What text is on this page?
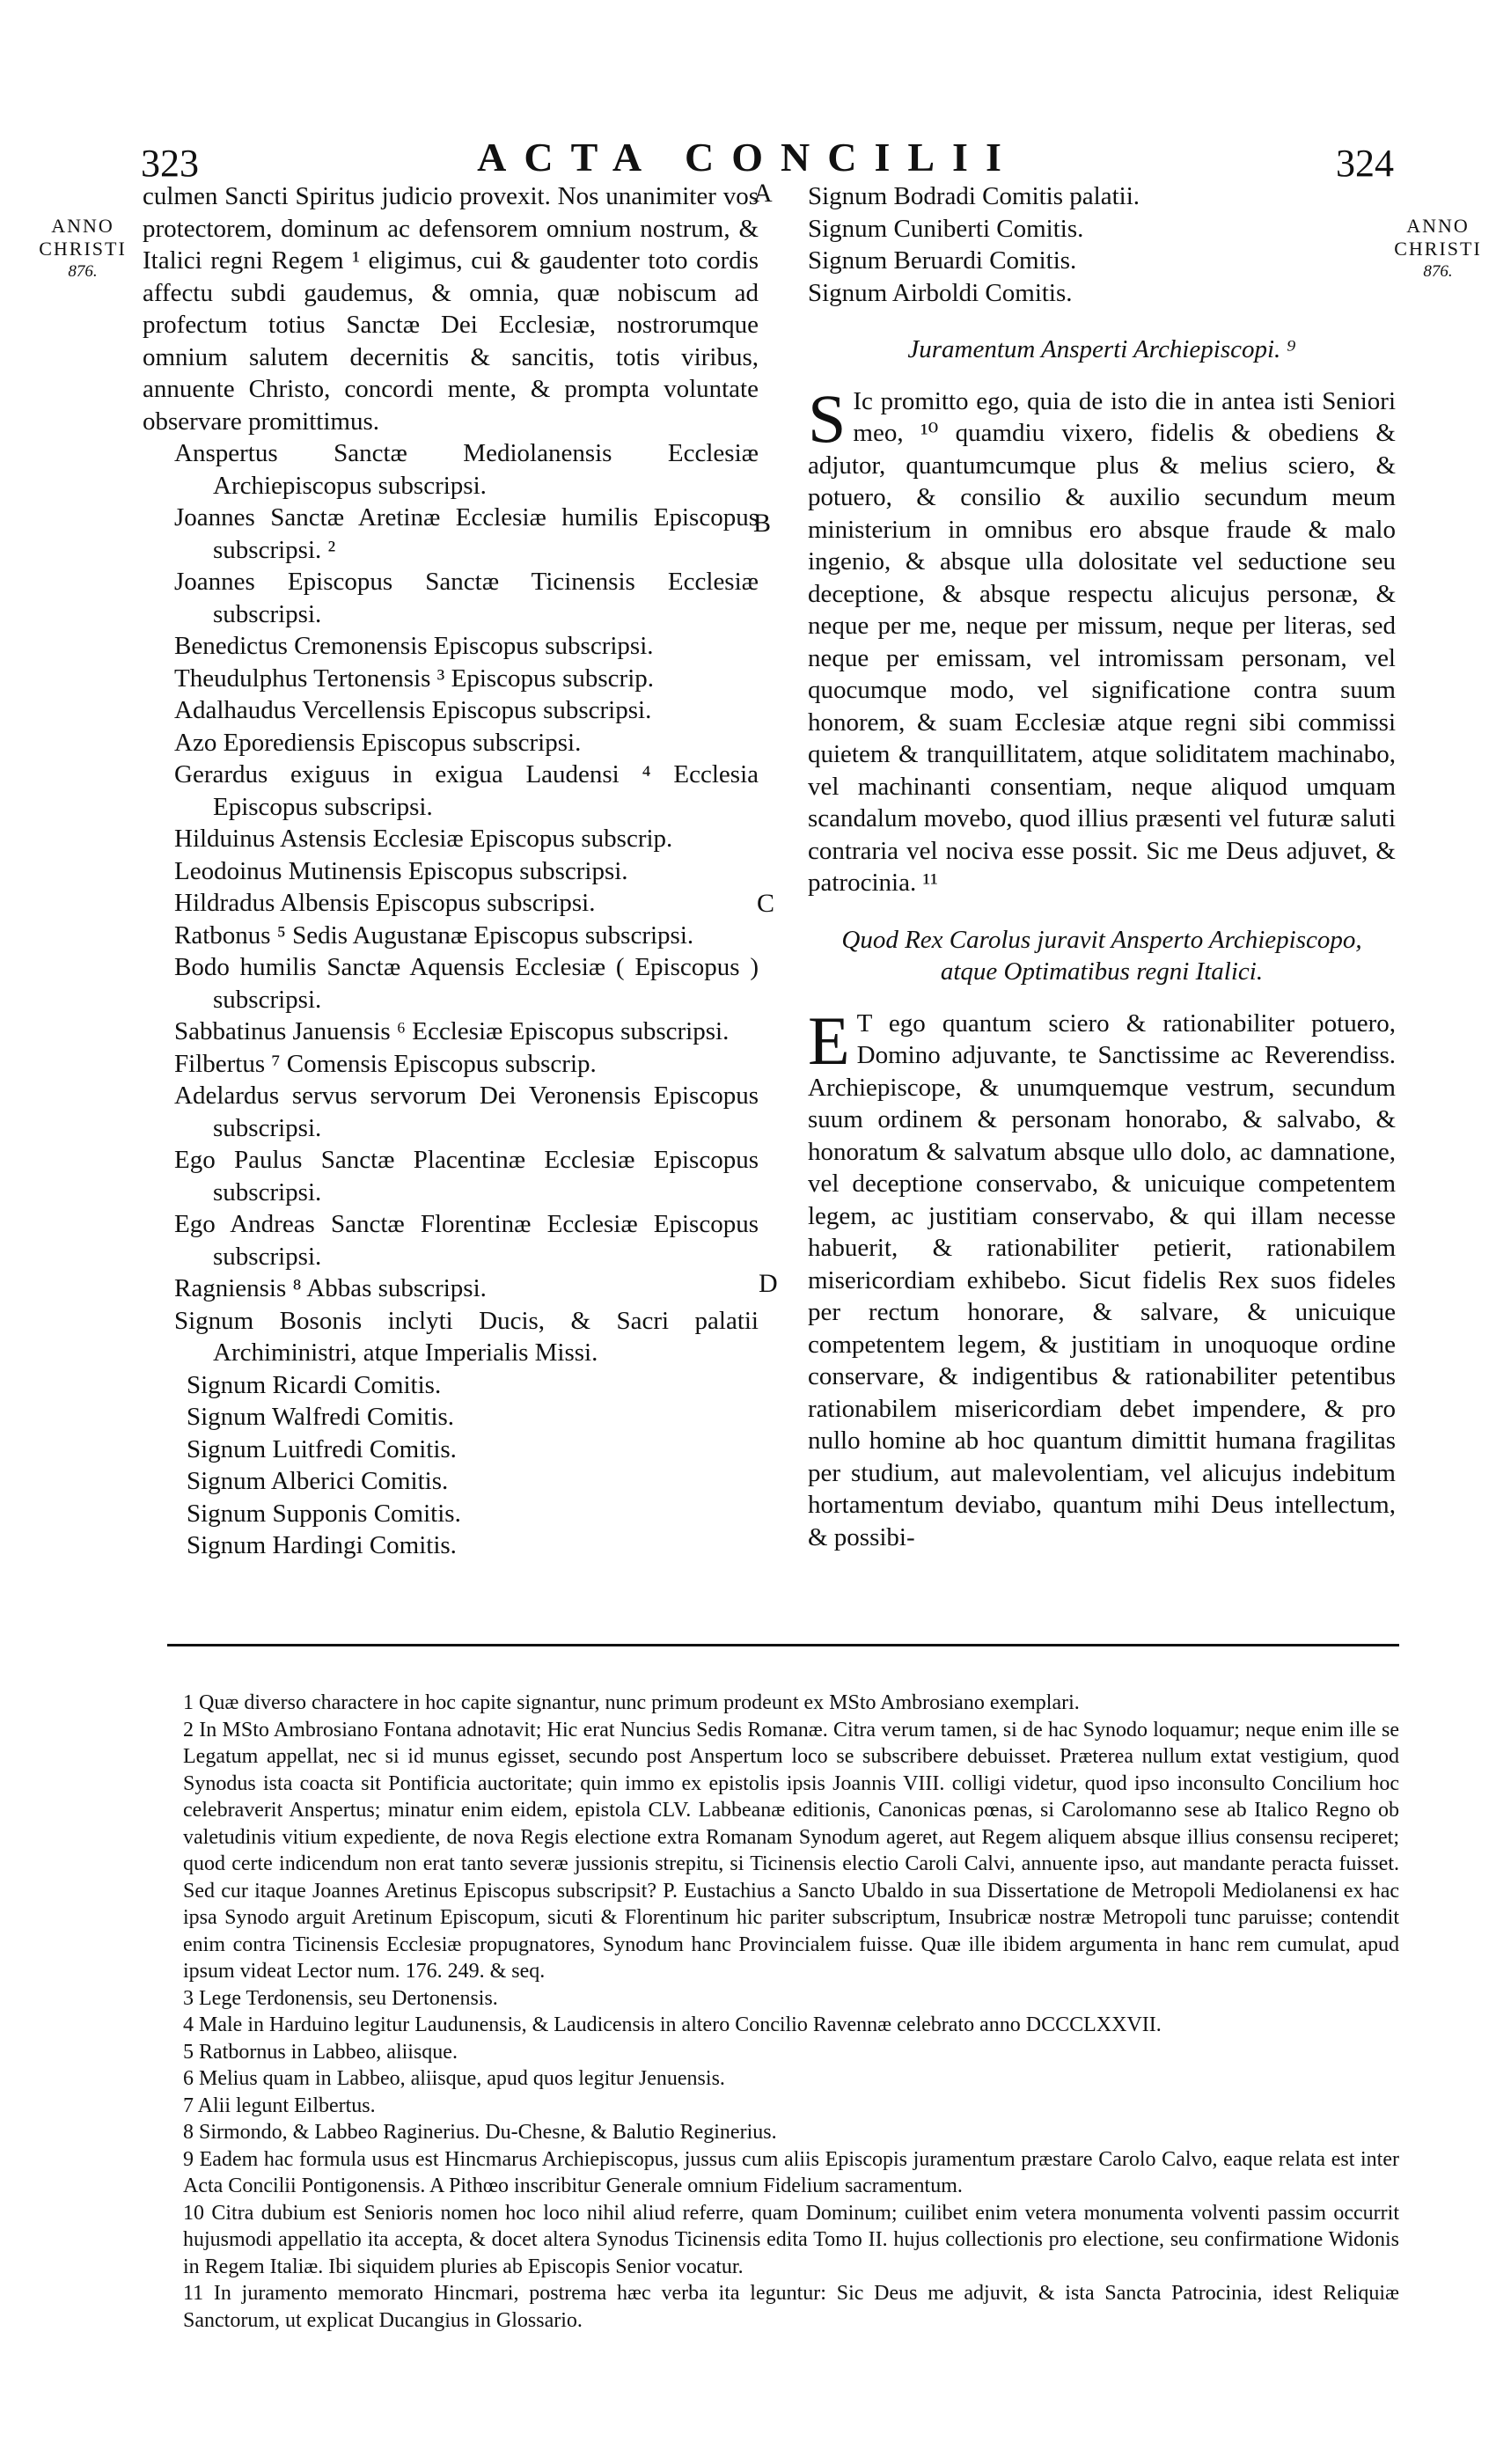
323	ACTA CONCILII	324
ANNO
CHRISTI
876.
ANNO
CHRISTI
876.
A
B
C
D

culmen Sancti Spiritus judicio provexit. Nos unanimiter vos protectorem, dominum ac defensorem omnium nostrum, & Italici regni Regem ¹ eligimus, cui & gaudenter toto cordis affectu subdi gaudemus, & omnia, quæ nobiscum ad profectum totius Sanctæ Dei Ecclesiæ, nostrorumque omnium salutem decernitis & sancitis, totis viribus, annuente Christo, concordi mente, & prompta voluntate observare promittimus.

Anspertus Sanctæ Mediolanensis Ecclesiæ Archiepiscopus subscripsi.

Joannes Sanctæ Aretinæ Ecclesiæ humilis Episcopus subscripsi. ²

Joannes Episcopus Sanctæ Ticinensis Ecclesiæ subscripsi.

Benedictus Cremonensis Episcopus subscripsi.

Theudulphus Tertonensis ³ Episcopus subscrip.

Adalhaudus Vercellensis Episcopus subscripsi.

Azo Eporediensis Episcopus subscripsi.

Gerardus exiguus in exigua Laudensi ⁴ Ecclesia Episcopus subscripsi.

Hilduinus Astensis Ecclesiæ Episcopus subscrip.

Leodoinus Mutinensis Episcopus subscripsi.

Hildradus Albensis Episcopus subscripsi.

Ratbonus ⁵ Sedis Augustanæ Episcopus subscripsi.

Bodo humilis Sanctæ Aquensis Ecclesiæ ( Episcopus ) subscripsi.

Sabbatinus Januensis ⁶ Ecclesiæ Episcopus subscripsi.

Filbertus ⁷ Comensis Episcopus subscrip.

Adelardus servus servorum Dei Veronensis Episcopus subscripsi.

Ego Paulus Sanctæ Placentinæ Ecclesiæ Episcopus subscripsi.

Ego Andreas Sanctæ Florentinæ Ecclesiæ Episcopus subscripsi.

Ragniensis ⁸ Abbas subscripsi.

Signum Bosonis inclyti Ducis, & Sacri palatii Archiministri, atque Imperialis Missi.

Signum Ricardi Comitis.

Signum Walfredi Comitis.

Signum Luitfredi Comitis.

Signum Alberici Comitis.

Signum Supponis Comitis.

Signum Hardingi Comitis.

Signum Bodradi Comitis palatii.

Signum Cuniberti Comitis.

Signum Beruardi Comitis.

Signum Airboldi Comitis.

Juramentum Ansperti Archiepiscopi. ⁹

S Ic promitto ego, quia de isto die in antea isti Seniori meo, ¹⁰ quamdiu vixero, fidelis & obediens & adjutor, quantumcumque plus & melius sciero, & potuero, & consilio & auxilio secundum meum ministerium in omnibus ero absque fraude & malo ingenio, & absque ulla dolositate vel seductione seu deceptione, & absque respectu alicujus personæ, & neque per me, neque per missum, neque per literas, sed neque per emissam, vel intromissam personam, vel quocumque modo, vel significatione contra suum honorem, & suam Ecclesiæ atque regni sibi commissi quietem & tranquillitatem, atque soliditatem machinabo, vel machinanti consentiam, neque aliquod umquam scandalum movebo, quod illius præsenti vel futuræ saluti contraria vel nociva esse possit. Sic me Deus adjuvet, & patrocinia. ¹¹

Quod Rex Carolus juravit Ansperto Archiepiscopo,
atque Optimatibus regni Italici.

E T ego quantum sciero & rationabiliter potuero, Domino adjuvante, te Sanctissime ac Reverendiss. Archiepiscope, & unumquemque vestrum, secundum suum ordinem & personam honorabo, & salvabo, & honoratum & salvatum absque ullo dolo, ac damnatione, vel deceptione conservabo, & unicuique competentem legem, ac justitiam conservabo, & qui illam necesse habuerit, & rationabiliter petierit, rationabilem misericordiam exhibebo. Sicut fidelis Rex suos fideles per rectum honorare, & salvare, & unicuique competentem legem, & justitiam in unoquoque ordine conservare, & indigentibus & rationabiliter petentibus rationabilem misericordiam debet impendere, & pro nullo homine ab hoc quantum dimittit humana fragilitas per studium, aut malevolentiam, vel alicujus indebitum hortamentum deviabo, quantum mihi Deus intellectum, & possibi-

1 Quæ diverso charactere in hoc capite signantur, nunc primum prodeunt ex MSto Ambrosiano exemplari.

2 In MSto Ambrosiano Fontana adnotavit; Hic erat Nuncius Sedis Romanæ. Citra verum tamen, si de hac Synodo loquamur; neque enim ille se Legatum appellat, nec si id munus egisset, secundo post Anspertum loco se subscribere debuisset. Præterea nullum extat vestigium, quod Synodus ista coacta sit Pontificia auctoritate; quin immo ex epistolis ipsis Joannis VIII. colligi videtur, quod ipso inconsulto Concilium hoc celebraverit Anspertus; minatur enim eidem, epistola CLV. Labbeanæ editionis, Canonicas pœnas, si Carolomanno sese ab Italico Regno ob valetudinis vitium expediente, de nova Regis electione extra Romanam Synodum ageret, aut Regem aliquem absque illius consensu reciperet; quod certe indicendum non erat tanto severæ jussionis strepitu, si Ticinensis electio Caroli Calvi, annuente ipso, aut mandante peracta fuisset. Sed cur itaque Joannes Aretinus Episcopus subscripsit? P. Eustachius a Sancto Ubaldo in sua Dissertatione de Metropoli Mediolanensi ex hac ipsa Synodo arguit Aretinum Episcopum, sicuti & Florentinum hic pariter subscriptum, Insubricæ nostræ Metropoli tunc paruisse; contendit enim contra Ticinensis Ecclesiæ propugnatores, Synodum hanc Provincialem fuisse. Quæ ille ibidem argumenta in hanc rem cumulat, apud ipsum videat Lector num. 176. 249. & seq.

3 Lege Terdonensis, seu Dertonensis.

4 Male in Harduino legitur Laudunensis, & Laudicensis in altero Concilio Ravennæ celebrato anno DCCCLXXVII.

5 Ratbornus in Labbeo, aliisque.

6 Melius quam in Labbeo, aliisque, apud quos legitur Jenuensis.

7 Alii legunt Eilbertus.

8 Sirmondo, & Labbeo Raginerius. Du-Chesne, & Balutio Reginerius.

9 Eadem hac formula usus est Hincmarus Archiepiscopus, jussus cum aliis Episcopis juramentum præstare Carolo Calvo, eaque relata est inter Acta Concilii Pontigonensis. A Pithœo inscribitur Generale omnium Fidelium sacramentum.

10 Citra dubium est Senioris nomen hoc loco nihil aliud referre, quam Dominum; cuilibet enim vetera monumenta volventi passim occurrit hujusmodi appellatio ita accepta, & docet altera Synodus Ticinensis edita Tomo II. hujus collectionis pro electione, seu confirmatione Widonis in Regem Italiæ. Ibi siquidem pluries ab Episcopis Senior vocatur.

11 In juramento memorato Hincmari, postrema hæc verba ita leguntur: Sic Deus me adjuvit, & ista Sancta Patrocinia, idest Reliquiæ Sanctorum, ut explicat Ducangius in Glossario.
